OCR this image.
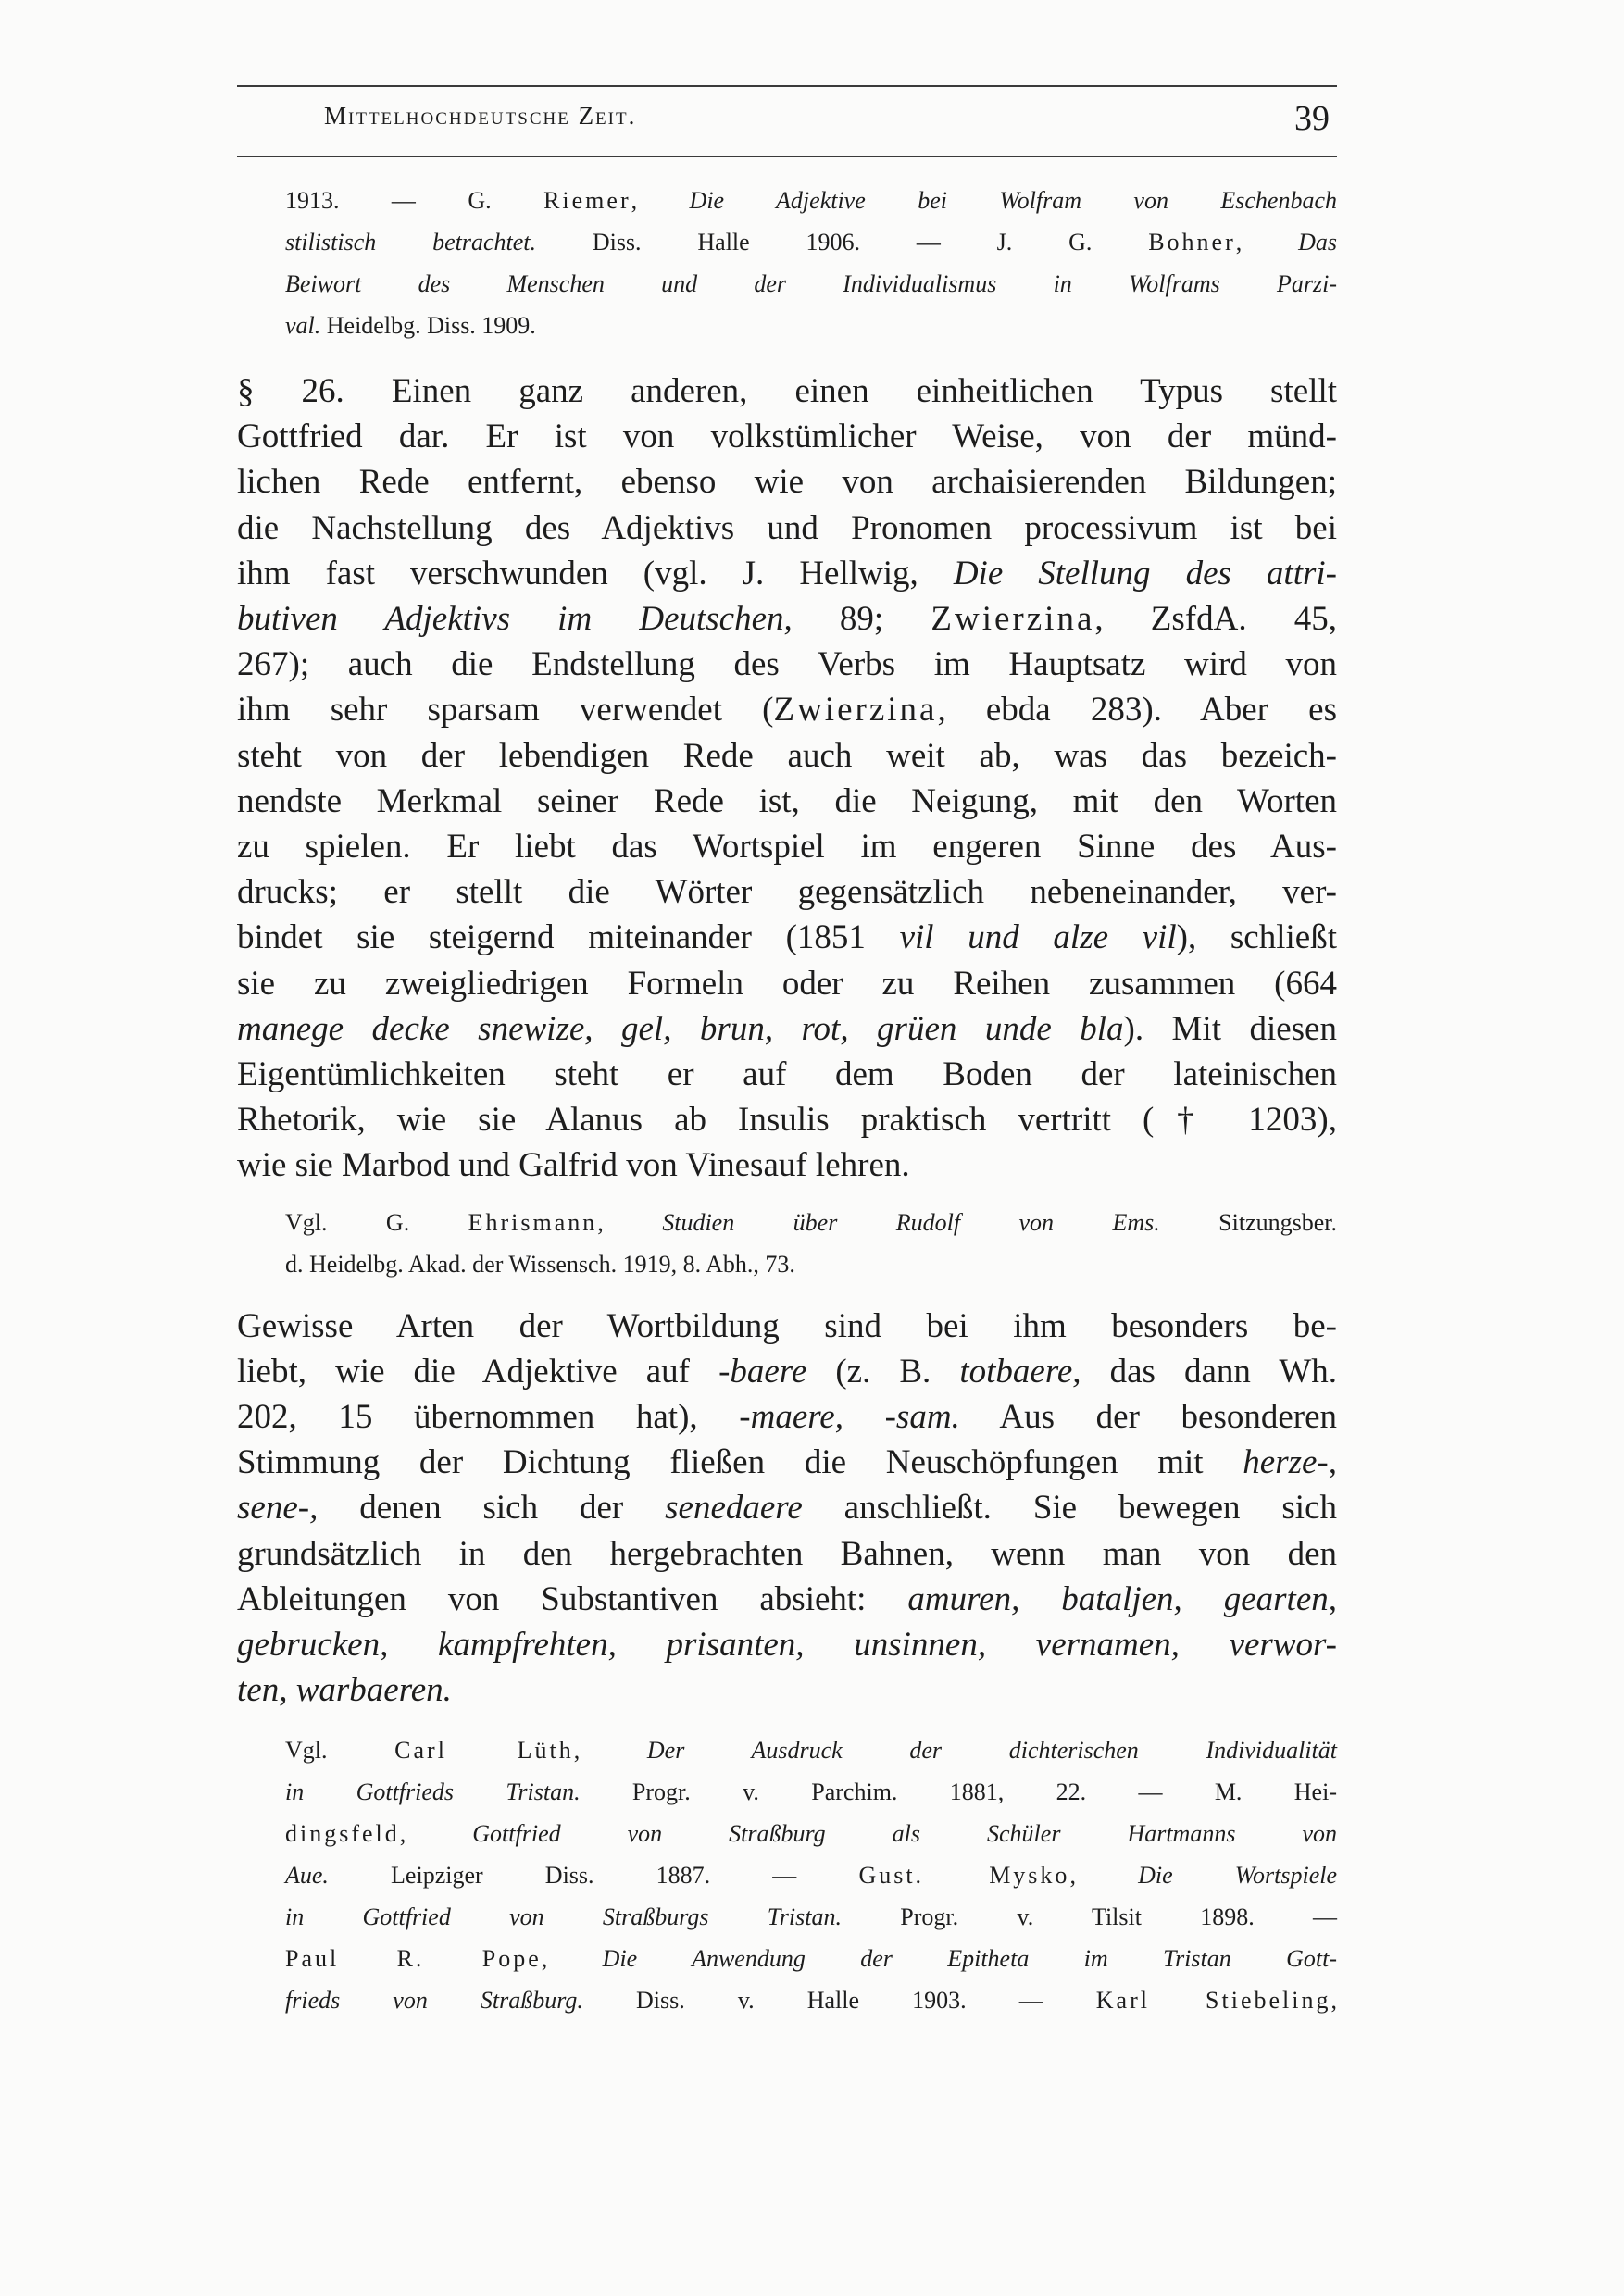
Mittelhochdeutsche Zeit.	39

1913. — G. Riemer, Die Adjektive bei Wolfram von Eschenbach
stilistisch betrachtet. Diss. Halle 1906. — J. G. Bohner, Das
Beiwort des Menschen und der Individualismus in Wolframs Parzi-
val. Heidelbg. Diss. 1909.

§ 26. Einen ganz anderen, einen einheitlichen Typus stellt
Gottfried dar. Er ist von volkstümlicher Weise, von der münd-
lichen Rede entfernt, ebenso wie von archaisierenden Bildungen;
die Nachstellung des Adjektivs und Pronomen processivum ist bei
ihm fast verschwunden (vgl. J. Hellwig, Die Stellung des attri-
butiven Adjektivs im Deutschen, 89; Zwierzina, ZsfdA. 45,
267); auch die Endstellung des Verbs im Hauptsatz wird von
ihm sehr sparsam verwendet (Zwierzina, ebda 283). Aber es
steht von der lebendigen Rede auch weit ab, was das bezeich-
nendste Merkmal seiner Rede ist, die Neigung, mit den Worten
zu spielen. Er liebt das Wortspiel im engeren Sinne des Aus-
drucks; er stellt die Wörter gegensätzlich nebeneinander, ver-
bindet sie steigernd miteinander (1851 vil und alze vil), schließt
sie zu zweigliedrigen Formeln oder zu Reihen zusammen (664
manege decke snewize, gel, brun, rot, grüen unde bla). Mit diesen
Eigentümlichkeiten steht er auf dem Boden der lateinischen
Rhetorik, wie sie Alanus ab Insulis praktisch vertritt († 1203),
wie sie Marbod und Galfrid von Vinesauf lehren.

Vgl. G. Ehrismann, Studien über Rudolf von Ems. Sitzungsber.
d. Heidelbg. Akad. der Wissensch. 1919, 8. Abh., 73.

Gewisse Arten der Wortbildung sind bei ihm besonders be-
liebt, wie die Adjektive auf -baere (z. B. totbaere, das dann Wh.
202, 15 übernommen hat), -maere, -sam. Aus der besonderen
Stimmung der Dichtung fließen die Neuschöpfungen mit herze-,
sene-, denen sich der senedaere anschließt. Sie bewegen sich
grundsätzlich in den hergebrachten Bahnen, wenn man von den
Ableitungen von Substantiven absieht: amuren, bataljen, gearten,
gebrucken, kampfrehten, prisanten, unsinnen, vernamen, verwor-
ten, warbaeren.

Vgl. Carl Lüth, Der Ausdruck der dichterischen Individualität
in Gottfrieds Tristan. Progr. v. Parchim. 1881, 22. — M. Hei-
dingsfeld, Gottfried von Straßburg als Schüler Hartmanns von
Aue. Leipziger Diss. 1887. — Gust. Mysko, Die Wortspiele
in Gottfried von Straßburgs Tristan. Progr. v. Tilsit 1898. —
Paul R. Pope, Die Anwendung der Epitheta im Tristan Gott-
frieds von Straßburg. Diss. v. Halle 1903. — Karl Stiebeling,
